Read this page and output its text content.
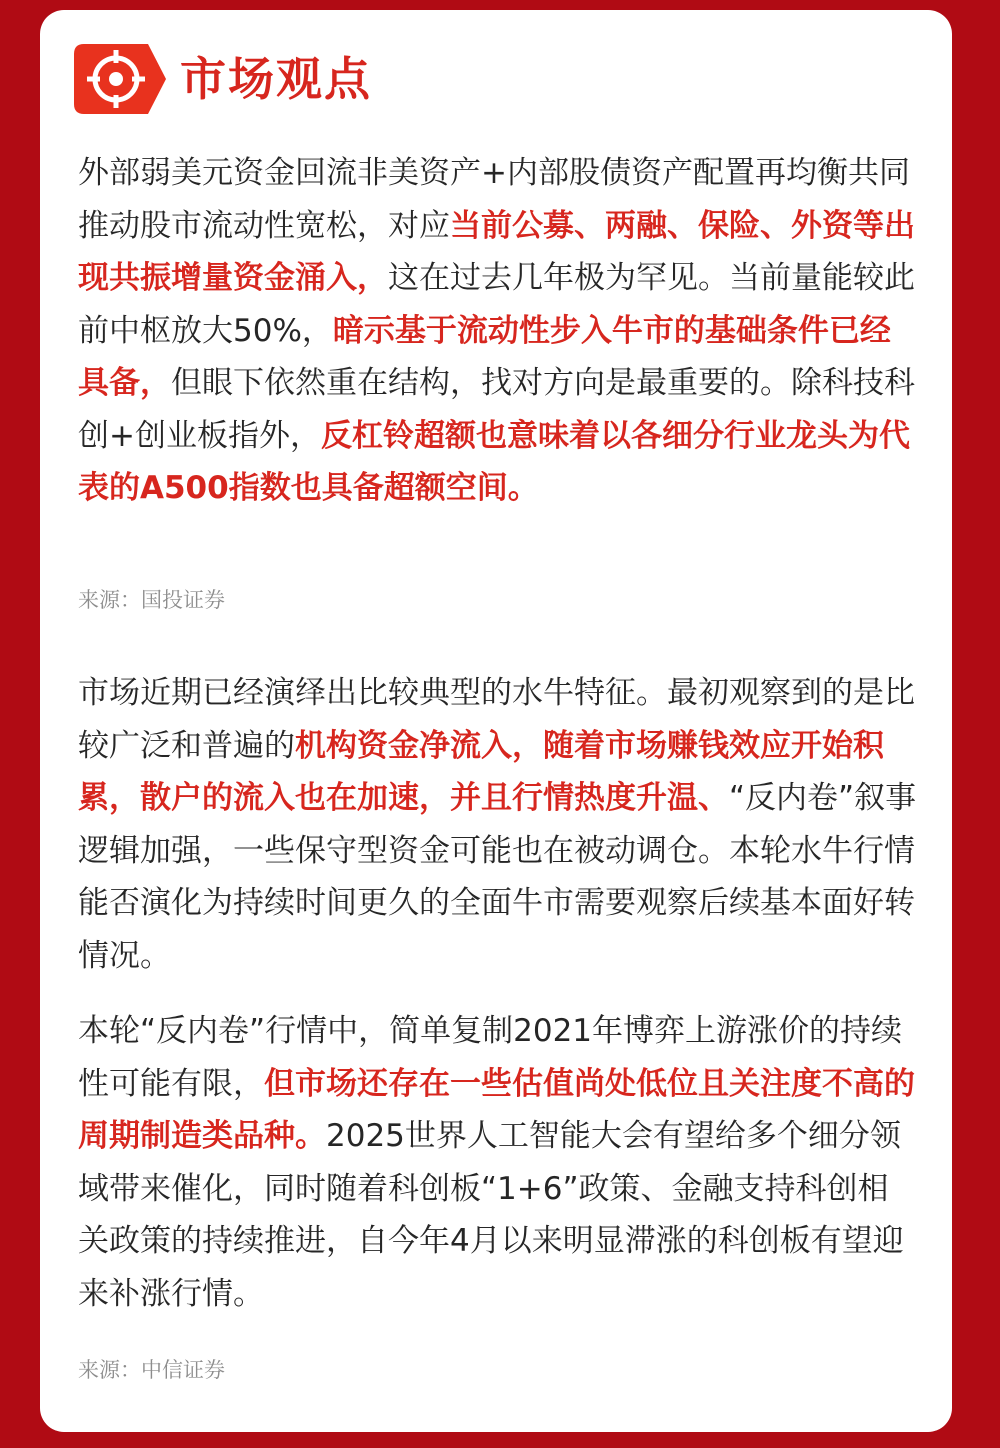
市场观点

外部弱美元资金回流非美资产+内部股债资产配置再均衡共同推动股市流动性宽松，对应当前公募、两融、保险、外资等出现共振增量资金涌入，这在过去几年极为罕见。当前量能较此前中枢放大50%，暗示基于流动性步入牛市的基础条件已经具备，但眼下依然重在结构，找对方向是最重要的。除科技科创+创业板指外，反杠铃超额也意味着以各细分行业龙头为代表的A500指数也具备超额空间。

来源：国投证券

市场近期已经演绎出比较典型的水牛特征。最初观察到的是比较广泛和普遍的机构资金净流入，随着市场赚钱效应开始积累，散户的流入也在加速，并且行情热度升温、“反内卷”叙事逻辑加强，一些保守型资金可能也在被动调仓。本轮水牛行情能否演化为持续时间更久的全面牛市需要观察后续基本面好转情况。

本轮“反内卷”行情中，简单复制2021年博弈上游涨价的持续性可能有限，但市场还存在一些估值尚处低位且关注度不高的周期制造类品种。2025世界人工智能大会有望给多个细分领域带来催化，同时随着科创板“1+6”政策、金融支持科创相关政策的持续推进，自今年4月以来明显滞涨的科创板有望迎来补涨行情。

来源：中信证券
